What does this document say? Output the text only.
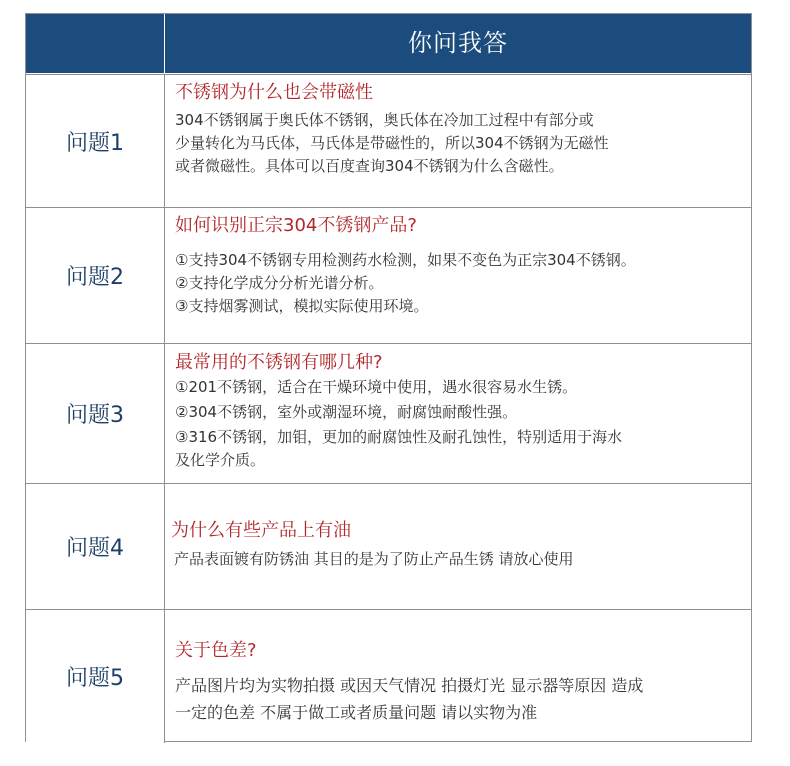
你问我答
问题1
不锈钢为什么也会带磁性
304不锈钢属于奥氏体不锈钢，奥氏体在冷加工过程中有部分或
少量转化为马氏体，马氏体是带磁性的，所以304不锈钢为无磁性
或者微磁性。具体可以百度查询304不锈钢为什么含磁性。
问题2
如何识别正宗304不锈钢产品?
①支持304不锈钢专用检测药水检测，如果不变色为正宗304不锈钢。
②支持化学成分分析光谱分析。
③支持烟雾测试，模拟实际使用环境。
问题3
最常用的不锈钢有哪几种?
①201不锈钢，适合在干燥环境中使用，遇水很容易水生锈。
②304不锈钢，室外或潮湿环境，耐腐蚀耐酸性强。
③316不锈钢，加钼，更加的耐腐蚀性及耐孔蚀性，特别适用于海水
及化学介质。
问题4
为什么有些产品上有油
产品表面镀有防锈油 其目的是为了防止产品生锈 请放心使用
问题5
关于色差?
产品图片均为实物拍摄 或因天气情况 拍摄灯光 显示器等原因 造成
一定的色差 不属于做工或者质量问题 请以实物为准
